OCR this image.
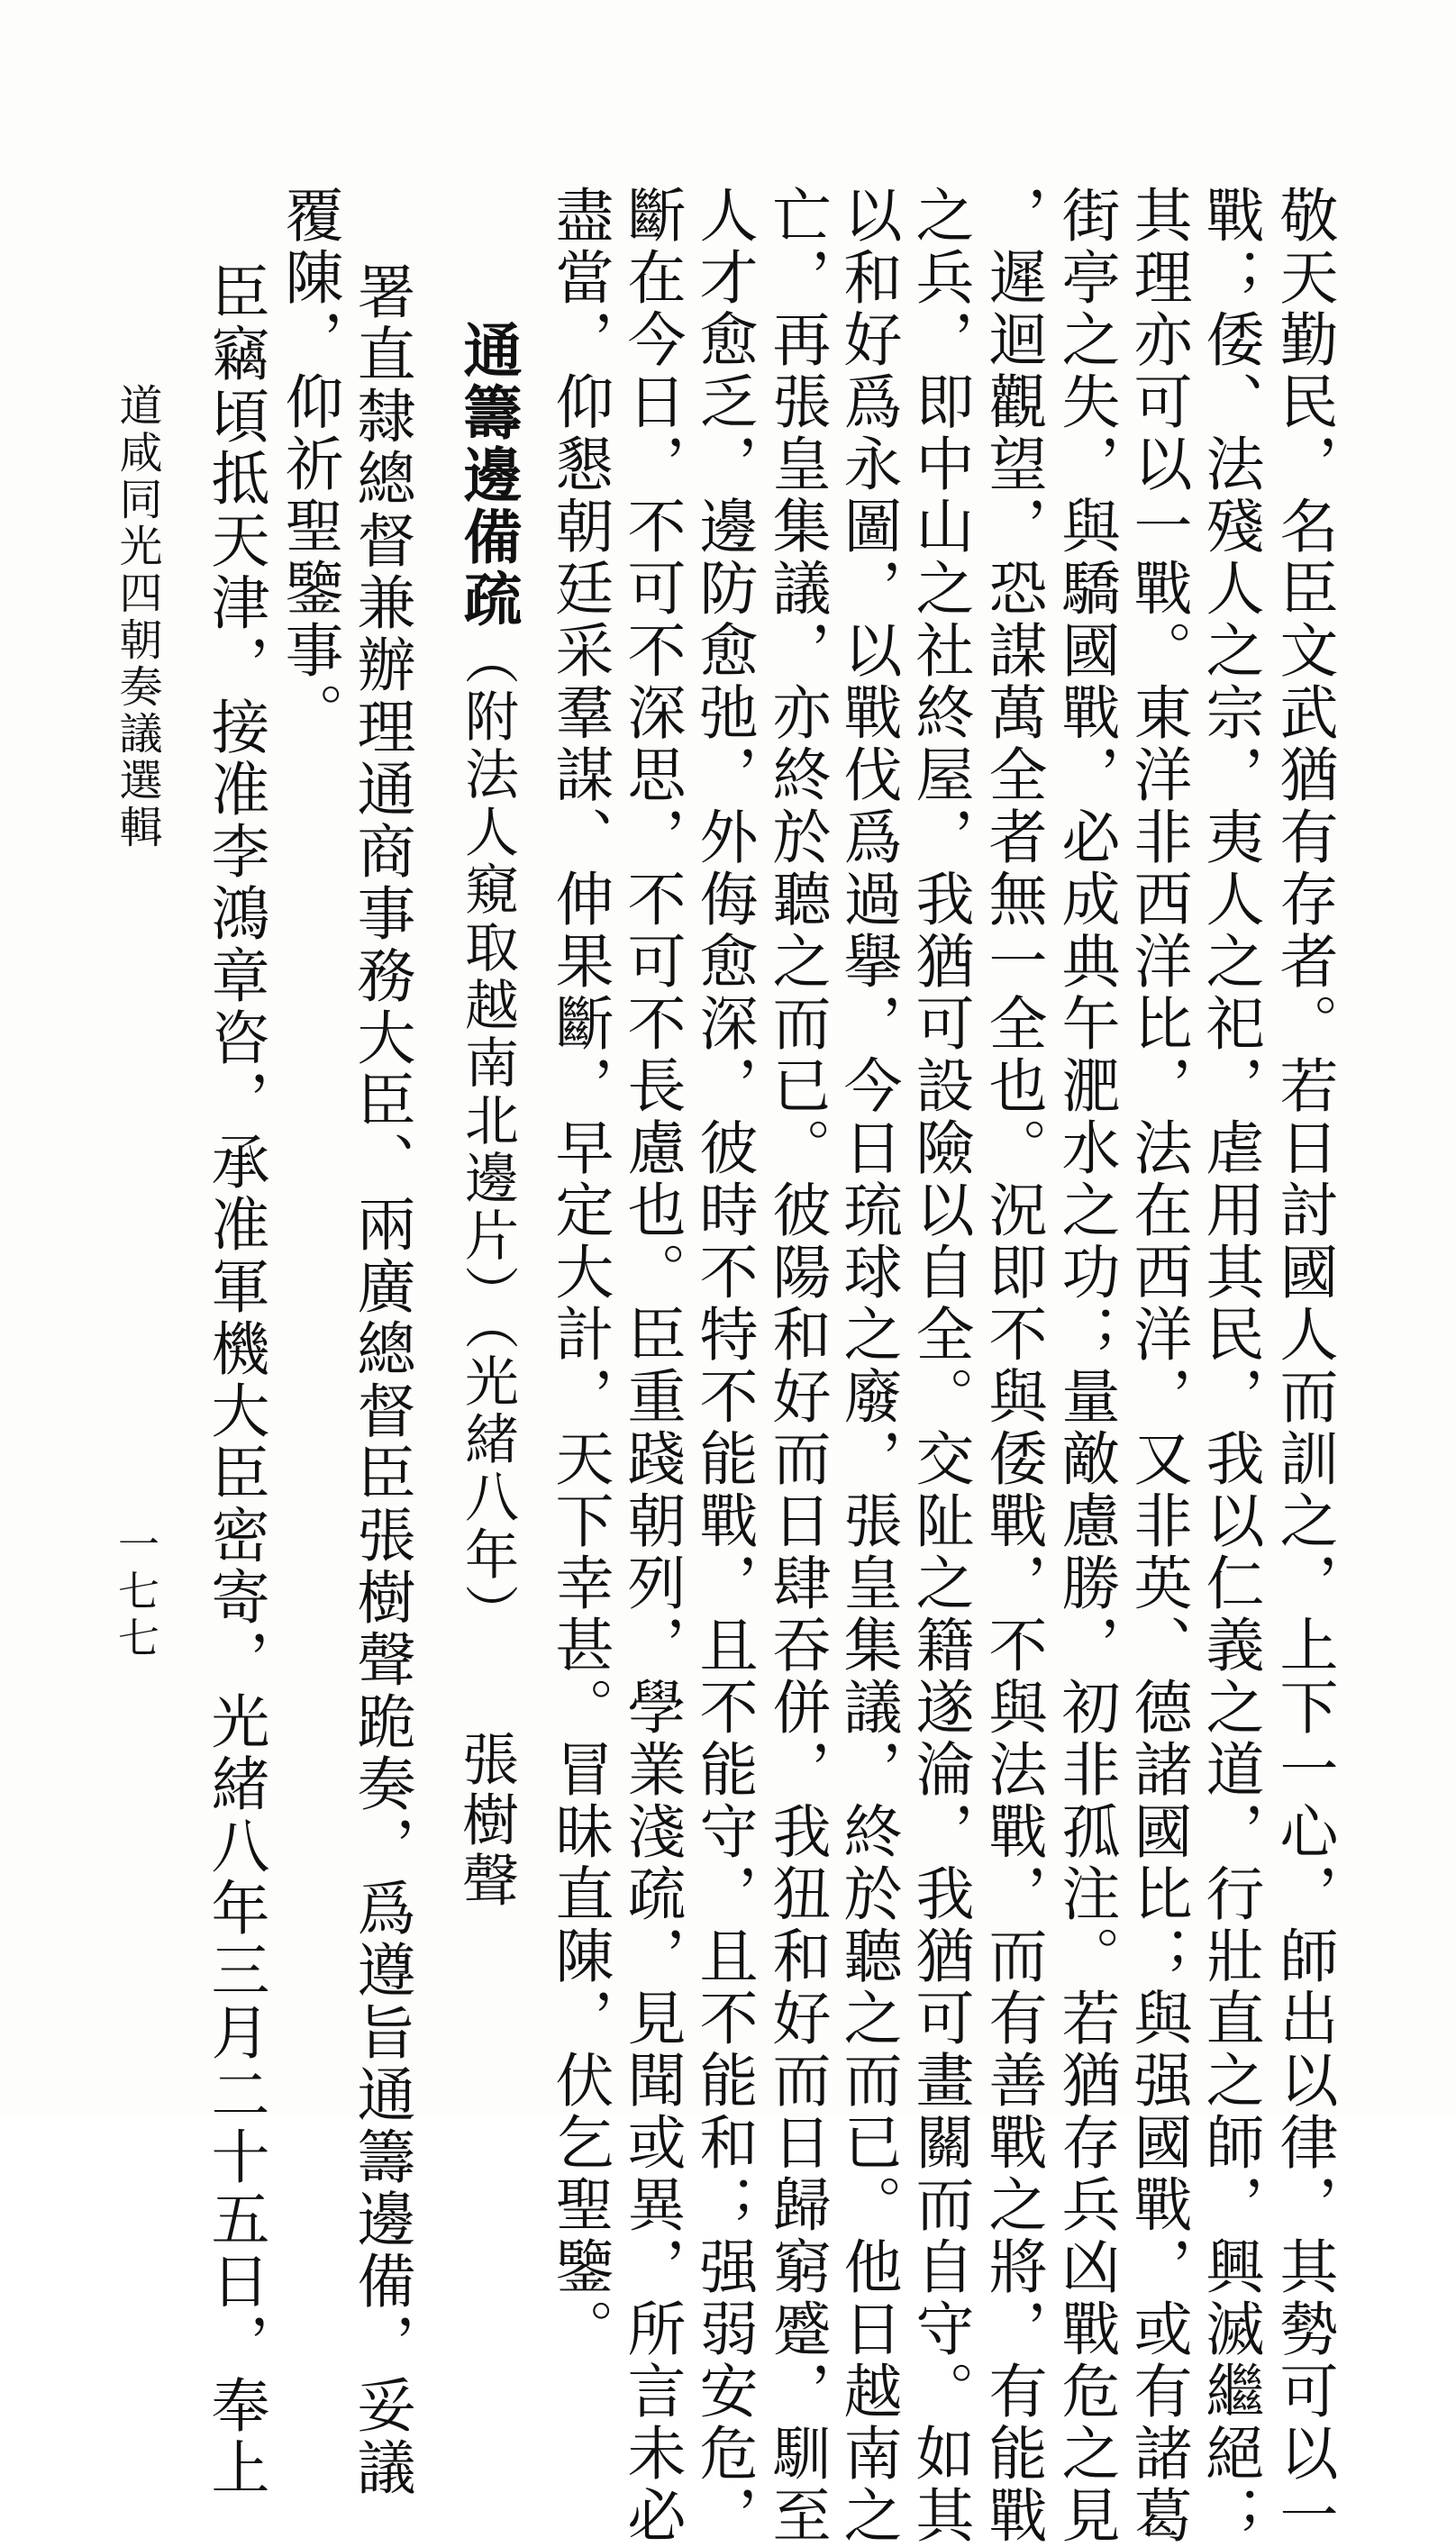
敬天勤民，名臣文武猶有存者。若日討國人而訓之，上下一心，師出以律，其勢可以一
戰；倭、法殘人之宗，夷人之祀，虐用其民，我以仁義之道，行壯直之師，興滅繼絕；
其理亦可以一戰。東洋非西洋比，法在西洋，又非英、德諸國比；與强國戰，或有諸葛
街亭之失，與驕國戰，必成典午淝水之功；量敵慮勝，初非孤注。若猶存兵凶戰危之見
，遲迴觀望，恐謀萬全者無一全也。況即不與倭戰，不與法戰，而有善戰之將，有能戰
之兵，即中山之社終屋，我猶可設險以自全。交阯之籍遂淪，我猶可畫關而自守。如其
以和好爲永圖，以戰伐爲過擧，今日琉球之廢，張皇集議，終於聽之而已。他日越南之
亡，再張皇集議，亦終於聽之而已。彼陽和好而日肆吞併，我狃和好而日歸窮蹙，馴至
人才愈乏，邊防愈弛，外侮愈深，彼時不特不能戰，且不能守，且不能和；强弱安危，
斷在今日，不可不深思，不可不長慮也。臣重踐朝列，學業淺疏，見聞或異，所言未必
盡當，仰懇朝廷采羣謀、伸果斷，早定大計，天下幸甚。冒昧直陳，伏乞聖鑒。
通籌邊備疏（附法人窺取越南北邊片）（光緒八年）
張樹聲
署直隸總督兼辦理通商事務大臣、兩廣總督臣張樹聲跪奏，爲遵旨通籌邊備，妥議
覆陳，仰祈聖鑒事。
臣竊頃抵天津，接准李鴻章咨，承准軍機大臣密寄，光緒八年三月二十五日，奉上
道咸同光四朝奏議選輯
一七七
